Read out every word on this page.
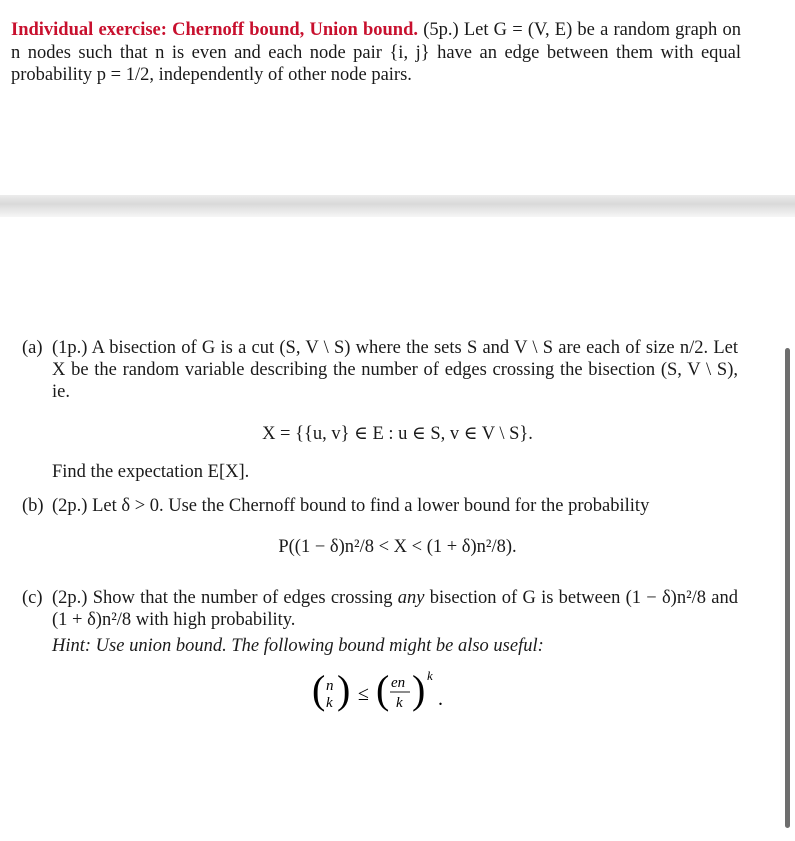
Individual exercise: Chernoff bound, Union bound. (5p.) Let G = (V, E) be a random graph on n nodes such that n is even and each node pair {i, j} have an edge between them with equal probability p = 1/2, independently of other node pairs.
(a) (1p.) A bisection of G is a cut (S, V \ S) where the sets S and V \ S are each of size n/2. Let X be the random variable describing the number of edges crossing the bisection (S, V \ S), ie.
X = {{u, v} ∈ E : u ∈ S, v ∈ V \ S}.
Find the expectation E[X].
(b) (2p.) Let δ > 0. Use the Chernoff bound to find a lower bound for the probability
P((1 − δ)n²/8 < X < (1 + δ)n²/8).
(c) (2p.) Show that the number of edges crossing any bisection of G is between (1 − δ)n²/8 and (1 + δ)n²/8 with high probability.
Hint: Use union bound. The following bound might be also useful:
( n
k ) ≤ ( en
k ) k
.
